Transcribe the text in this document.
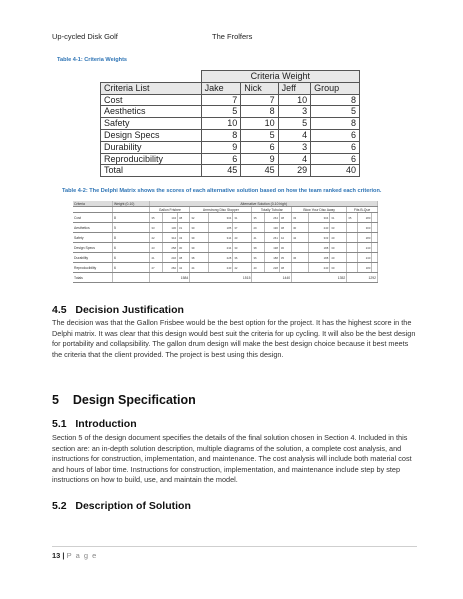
Up-cycled Disk Golf	The Frolfers
Table 4-1: Criteria Weights
	Criteria Weight			
Criteria List	Jake	Nick	Jeff	Group
Cost	7	7	10	8
Aesthetics	5	8	3	5
Safety	10	10	5	8
Design Specs	8	5	4	6
Durability	9	6	3	6
Reproducibility	6	9	4	6
Total	45	45	29	40
Table 4-2: The Delphi Matrix shows the scores of each alternative solution based on how the team ranked each criterion.
Criteria	Weight (0-10)	Alternative Solution (0-10 high)														
		Gallon Frisbee			Armstrong Disc Stopper			Totally Tubular			Blow Your Disc Away			Fits B-Que		
Cost	8	35	104	38	32	304	31	35	264	38	33	304	31	35	280	
Aesthetics	5	33	130	31	30	185	37	29	190	38	30	240	33		300	
Safety	8	42	344	43	39	344	43	41	261	42	42	333	40		280	
Design Specs	6	43	258	30	39	234	33	38	198	30		188	30		240	
Durability	6	41	246	38	38	228	36	36	188	35	36	188	40		240	
Reproducibility	6	47	282	42	44	240	42	40	228	38		240	30		180	
Totals		1584			1515			1440			1352			1292		
4.5 Decision Justification
The decision was that the Gallon Frisbee would be the best option for the project. It has the highest score in the Delphi matrix. It was clear that this design would best suit the criteria for up cycling. It will also be the best design for portability and collapsibility. The gallon drum design will make the best design choice because it best meets the criteria that the client provided. The project is best using this design.
5 Design Specification
5.1 Introduction
Section 5 of the design document specifies the details of the final solution chosen in Section 4. Included in this section are: an in-depth solution description, multiple diagrams of the solution, a complete cost analysis, and instructions for construction, implementation, and maintenance. The cost analysis will include both material cost and hours of labor time. Instructions for construction, implementation, and maintenance include step by step instructions on how to build, use, and maintain the model.
5.2 Description of Solution
13 | P a g e
